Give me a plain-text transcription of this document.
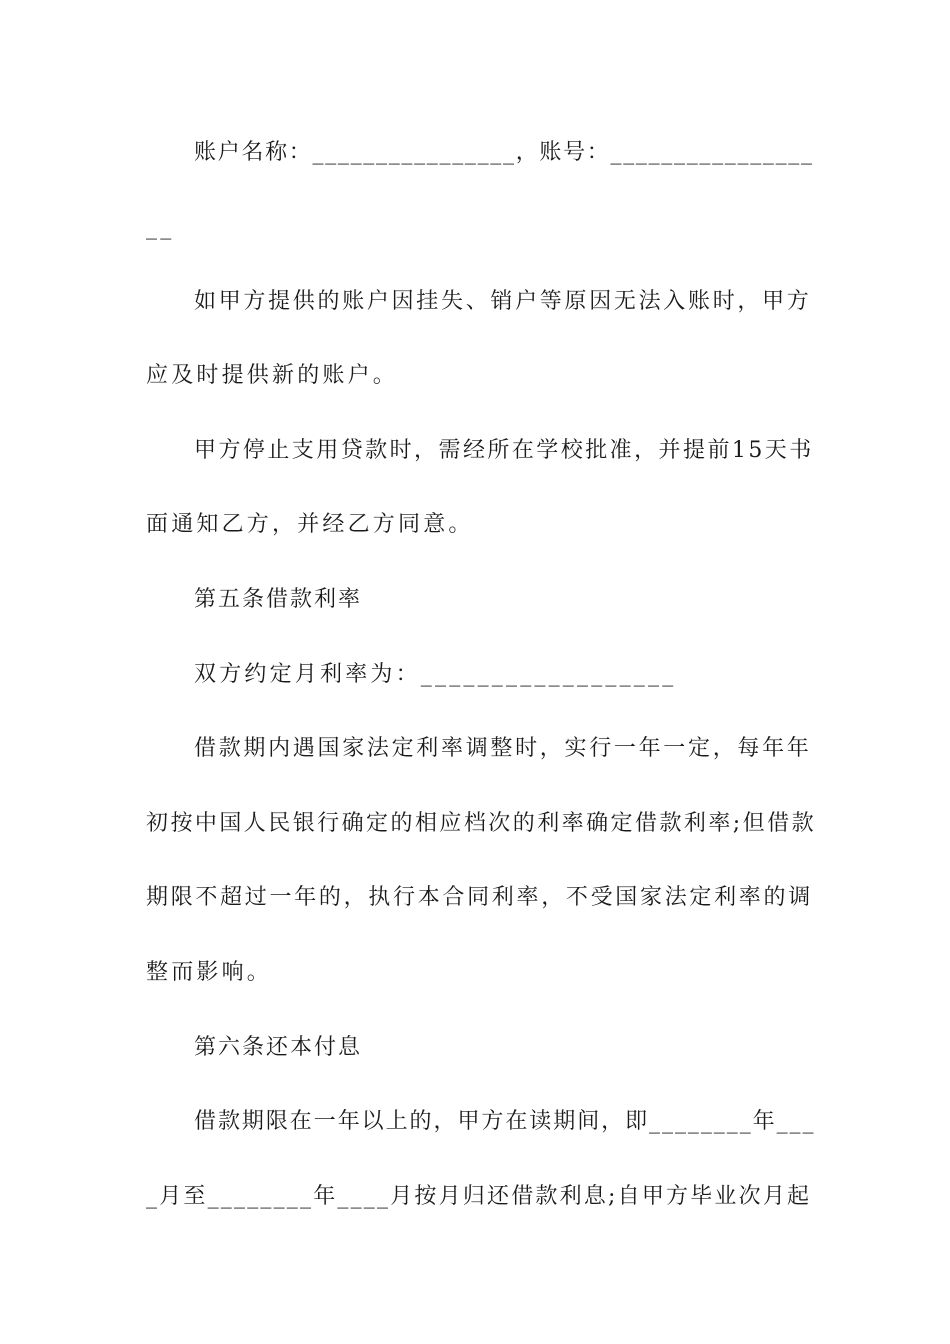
账户名称：________________，账号：________________
__
如甲方提供的账户因挂失、销户等原因无法入账时，甲方
应及时提供新的账户。
甲方停止支用贷款时，需经所在学校批准，并提前15天书
面通知乙方，并经乙方同意。
第五条借款利率
双方约定月利率为：__________________
借款期内遇国家法定利率调整时，实行一年一定，每年年
初按中国人民银行确定的相应档次的利率确定借款利率;但借款
期限不超过一年的，执行本合同利率，不受国家法定利率的调
整而影响。
第六条还本付息
借款期限在一年以上的，甲方在读期间，即________年___
_月至________年____月按月归还借款利息;自甲方毕业次月起
